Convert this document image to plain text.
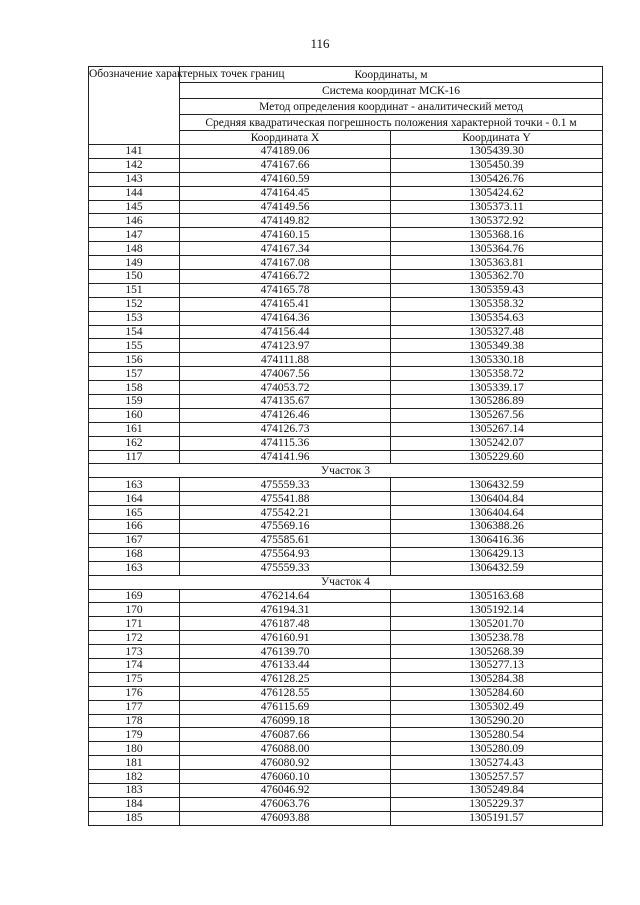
116
Обозначение характерных точек границ	Координаты, м	
	Система координат МСК-16	
	Метод определения координат - аналитический метод	
	Средняя квадратическая погрешность положения характерной точки - 0.1 м	
	Координата X	Координата Y
141	474189.06	1305439.30
142	474167.66	1305450.39
143	474160.59	1305426.76
144	474164.45	1305424.62
145	474149.56	1305373.11
146	474149.82	1305372.92
147	474160.15	1305368.16
148	474167.34	1305364.76
149	474167.08	1305363.81
150	474166.72	1305362.70
151	474165.78	1305359.43
152	474165.41	1305358.32
153	474164.36	1305354.63
154	474156.44	1305327.48
155	474123.97	1305349.38
156	474111.88	1305330.18
157	474067.56	1305358.72
158	474053.72	1305339.17
159	474135.67	1305286.89
160	474126.46	1305267.56
161	474126.73	1305267.14
162	474115.36	1305242.07
117	474141.96	1305229.60
Участок 3		
163	475559.33	1306432.59
164	475541.88	1306404.84
165	475542.21	1306404.64
166	475569.16	1306388.26
167	475585.61	1306416.36
168	475564.93	1306429.13
163	475559.33	1306432.59
Участок 4		
169	476214.64	1305163.68
170	476194.31	1305192.14
171	476187.48	1305201.70
172	476160.91	1305238.78
173	476139.70	1305268.39
174	476133.44	1305277.13
175	476128.25	1305284.38
176	476128.55	1305284.60
177	476115.69	1305302.49
178	476099.18	1305290.20
179	476087.66	1305280.54
180	476088.00	1305280.09
181	476080.92	1305274.43
182	476060.10	1305257.57
183	476046.92	1305249.84
184	476063.76	1305229.37
185	476093.88	1305191.57
